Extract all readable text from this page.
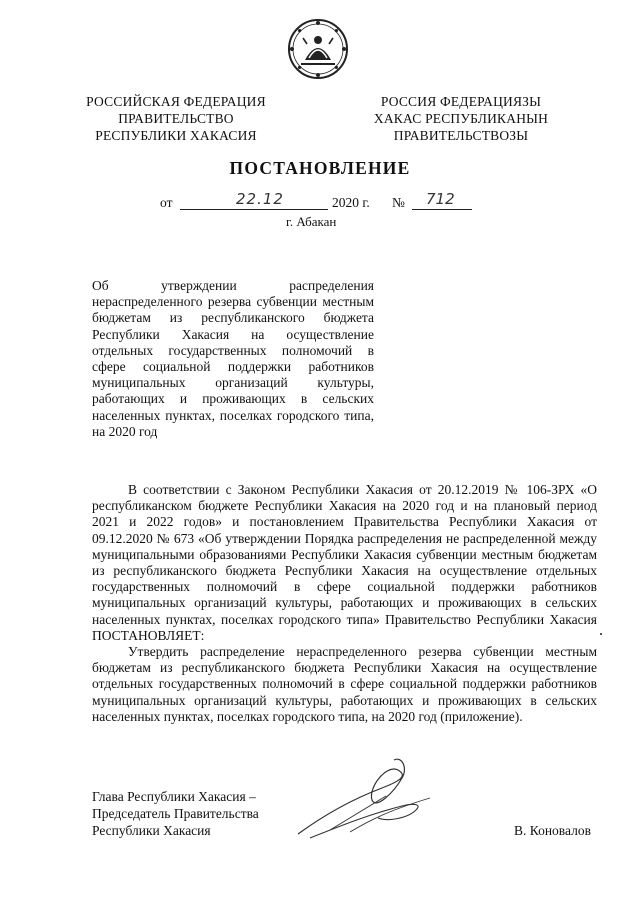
РОССИЙСКАЯ ФЕДЕРАЦИЯ
ПРАВИТЕЛЬСТВО
РЕСПУБЛИКИ ХАКАСИЯ
РОССИЯ ФЕДЕРАЦИЯЗЫ
ХАКАС РЕСПУБЛИКАНЫН
ПРАВИТЕЛЬСТВОЗЫ
ПОСТАНОВЛЕНИЕ
от	22.12	2020 г. № 712
г. Абакан
Об утверждении распределения нераспределенного резерва субвенции местным бюджетам из республиканского бюджета Республики Хакасия на осуществление отдельных государственных полномочий в сфере социальной поддержки работников муниципальных организаций культуры, работающих и проживающих в сельских населенных пунктах, поселках городского типа, на 2020 год

В соответствии с Законом Республики Хакасия от 20.12.2019 № 106-ЗРХ «О республиканском бюджете Республики Хакасия на 2020 год и на плановый период 2021 и 2022 годов» и постановлением Правительства Республики Хакасия от 09.12.2020 № 673 «Об утверждении Порядка распределения не распределенной между муниципальными образованиями Республики Хакасия субвенции местным бюджетам из республиканского бюджета Республики Хакасия на осуществление отдельных государственных полномочий в сфере социальной поддержки работников муниципальных организаций культуры, работающих и проживающих в сельских населенных пунктах, поселках городского типа» Правительство Республики Хакасия ПОСТАНОВЛЯЕТ:

Утвердить распределение нераспределенного резерва субвенции местным бюджетам из республиканского бюджета Республики Хакасия на осуществление отдельных государственных полномочий в сфере социальной поддержки работников муниципальных организаций культуры, работающих и проживающих в сельских населенных пунктах, поселках городского типа, на 2020 год (приложение).

Глава Республики Хакасия –
Председатель Правительства
Республики Хакасия	В. Коновалов
